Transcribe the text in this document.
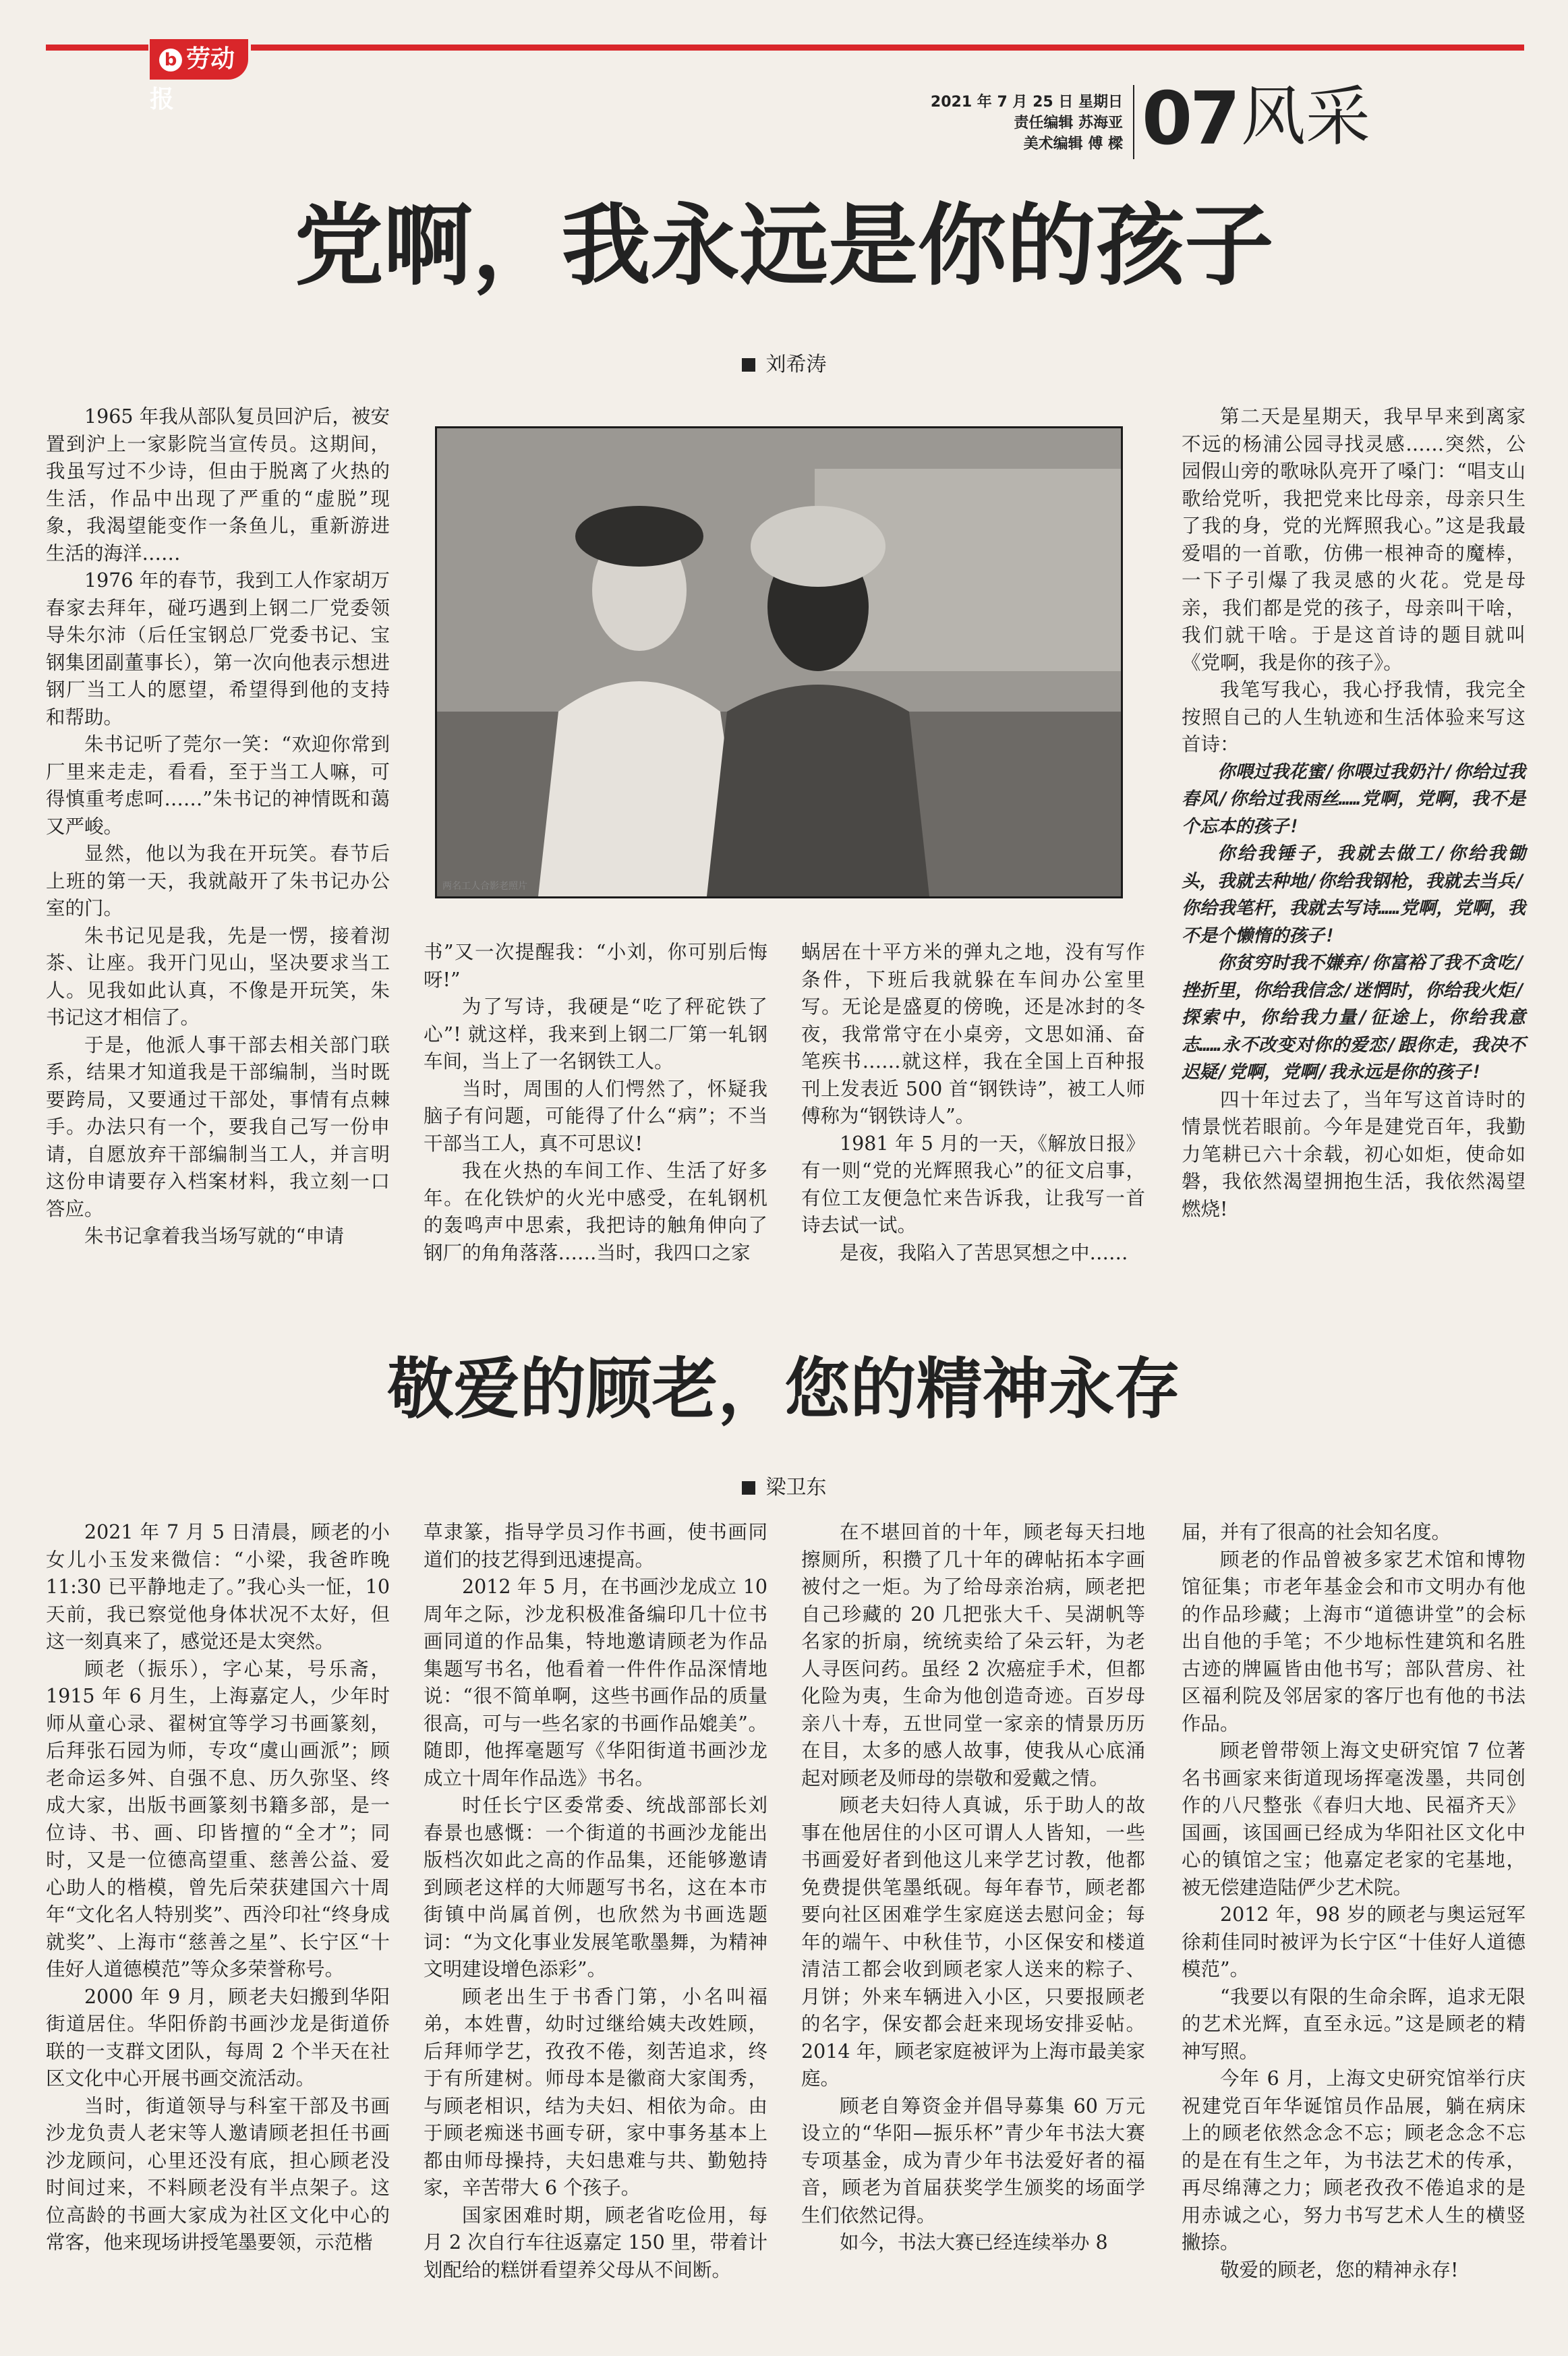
b 劳动报	2021 年 7 月 25 日 星期日
责任编辑 苏海亚
美术编辑 傅 樑 07 风采
党啊，我永远是你的孩子
刘希涛

1965 年我从部队复员回沪后，被安置到沪上一家影院当宣传员。这期间，我虽写过不少诗，但由于脱离了火热的生活，作品中出现了严重的“虚脱”现象，我渴望能变作一条鱼儿，重新游进生活的海洋……

1976 年的春节，我到工人作家胡万春家去拜年，碰巧遇到上钢二厂党委领导朱尔沛（后任宝钢总厂党委书记、宝钢集团副董事长），第一次向他表示想进钢厂当工人的愿望，希望得到他的支持和帮助。

朱书记听了莞尔一笑：“欢迎你常到厂里来走走，看看，至于当工人嘛，可得慎重考虑呵……”朱书记的神情既和蔼又严峻。

显然，他以为我在开玩笑。春节后上班的第一天，我就敲开了朱书记办公室的门。

朱书记见是我，先是一愣，接着沏茶、让座。我开门见山，坚决要求当工人。见我如此认真，不像是开玩笑，朱书记这才相信了。

于是，他派人事干部去相关部门联系，结果才知道我是干部编制，当时既要跨局，又要通过干部处，事情有点棘手。办法只有一个，要我自己写一份申请，自愿放弃干部编制当工人，并言明这份申请要存入档案材料，我立刻一口答应。

朱书记拿着我当场写就的“申请

两名工人合影老照片

书”又一次提醒我：“小刘，你可别后悔呀!”

为了写诗，我硬是“吃了秤砣铁了心”! 就这样，我来到上钢二厂第一轧钢车间，当上了一名钢铁工人。

当时，周围的人们愕然了，怀疑我脑子有问题，可能得了什么“病”；不当干部当工人，真不可思议!

我在火热的车间工作、生活了好多年。在化铁炉的火光中感受，在轧钢机的轰鸣声中思索，我把诗的触角伸向了钢厂的角角落落……当时，我四口之家

蜗居在十平方米的弹丸之地，没有写作条件，下班后我就躲在车间办公室里写。无论是盛夏的傍晚，还是冰封的冬夜，我常常守在小桌旁，文思如涌、奋笔疾书……就这样，我在全国上百种报刊上发表近 500 首“钢铁诗”，被工人师傅称为“钢铁诗人”。

1981 年 5 月的一天，《解放日报》有一则“党的光辉照我心”的征文启事，有位工友便急忙来告诉我，让我写一首诗去试一试。

是夜，我陷入了苦思冥想之中……

第二天是星期天，我早早来到离家不远的杨浦公园寻找灵感……突然，公园假山旁的歌咏队亮开了嗓门：“唱支山歌给党听，我把党来比母亲，母亲只生了我的身，党的光辉照我心。”这是我最爱唱的一首歌，仿佛一根神奇的魔棒，一下子引爆了我灵感的火花。党是母亲，我们都是党的孩子，母亲叫干啥，我们就干啥。于是这首诗的题目就叫《党啊，我是你的孩子》。

我笔写我心，我心抒我情，我完全按照自己的人生轨迹和生活体验来写这首诗：

你喂过我花蜜/你喂过我奶汁/你给过我春风/你给过我雨丝……党啊，党啊，我不是个忘本的孩子!

你给我锤子，我就去做工/你给我锄头，我就去种地/你给我钢枪，我就去当兵/你给我笔杆，我就去写诗……党啊，党啊，我不是个懒惰的孩子!

你贫穷时我不嫌弃/你富裕了我不贪吃/挫折里，你给我信念/迷惘时，你给我火炬/探索中，你给我力量/征途上，你给我意志……永不改变对你的爱恋/跟你走，我决不迟疑/党啊，党啊/我永远是你的孩子!

四十年过去了，当年写这首诗时的情景恍若眼前。今年是建党百年，我勤力笔耕已六十余载，初心如炬，使命如磐，我依然渴望拥抱生活，我依然渴望燃烧!

敬爱的顾老，您的精神永存
梁卫东

2021 年 7 月 5 日清晨，顾老的小女儿小玉发来微信：“小梁，我爸昨晚11:30 已平静地走了。”我心头一怔，10天前，我已察觉他身体状况不太好，但这一刻真来了，感觉还是太突然。

顾老（振乐），字心某，号乐斋，1915 年 6 月生，上海嘉定人，少年时师从童心录、翟树宜等学习书画篆刻，后拜张石园为师，专攻“虞山画派”；顾老命运多舛、自强不息、历久弥坚、终成大家，出版书画篆刻书籍多部，是一位诗、书、画、印皆擅的“全才”；同时，又是一位德高望重、慈善公益、爱心助人的楷模，曾先后荣获建国六十周年“文化名人特别奖”、西泠印社“终身成就奖”、上海市“慈善之星”、长宁区“十佳好人道德模范”等众多荣誉称号。

2000 年 9 月，顾老夫妇搬到华阳街道居住。华阳侨韵书画沙龙是街道侨联的一支群文团队，每周 2 个半天在社区文化中心开展书画交流活动。

当时，街道领导与科室干部及书画沙龙负责人老宋等人邀请顾老担任书画沙龙顾问，心里还没有底，担心顾老没时间过来，不料顾老没有半点架子。这位高龄的书画大家成为社区文化中心的常客，他来现场讲授笔墨要领，示范楷

草隶篆，指导学员习作书画，使书画同道们的技艺得到迅速提高。

2012 年 5 月，在书画沙龙成立 10 周年之际，沙龙积极准备编印几十位书画同道的作品集，特地邀请顾老为作品集题写书名，他看着一件件作品深情地说：“很不简单啊，这些书画作品的质量很高，可与一些名家的书画作品媲美”。随即，他挥毫题写《华阳街道书画沙龙成立十周年作品选》书名。

时任长宁区委常委、统战部部长刘春景也感慨：一个街道的书画沙龙能出版档次如此之高的作品集，还能够邀请到顾老这样的大师题写书名，这在本市街镇中尚属首例，也欣然为书画选题词：“为文化事业发展笔歌墨舞，为精神文明建设增色添彩”。

顾老出生于书香门第，小名叫福弟，本姓曹，幼时过继给姨夫改姓顾，后拜师学艺，孜孜不倦，刻苦追求，终于有所建树。师母本是徽商大家闺秀，与顾老相识，结为夫妇、相依为命。由于顾老痴迷书画专研，家中事务基本上都由师母操持，夫妇患难与共、勤勉持家，辛苦带大 6 个孩子。

国家困难时期，顾老省吃俭用，每月 2 次自行车往返嘉定 150 里，带着计划配给的糕饼看望养父母从不间断。

在不堪回首的十年，顾老每天扫地擦厕所，积攒了几十年的碑帖拓本字画被付之一炬。为了给母亲治病，顾老把自己珍藏的 20 几把张大千、吴湖帆等名家的折扇，统统卖给了朵云轩，为老人寻医问药。虽经 2 次癌症手术，但都化险为夷，生命为他创造奇迹。百岁母亲八十寿，五世同堂一家亲的情景历历在目，太多的感人故事，使我从心底涌起对顾老及师母的崇敬和爱戴之情。

顾老夫妇待人真诚，乐于助人的故事在他居住的小区可谓人人皆知，一些书画爱好者到他这儿来学艺讨教，他都免费提供笔墨纸砚。每年春节，顾老都要向社区困难学生家庭送去慰问金；每年的端午、中秋佳节，小区保安和楼道清洁工都会收到顾老家人送来的粽子、月饼；外来车辆进入小区，只要报顾老的名字，保安都会赶来现场安排妥帖。2014 年，顾老家庭被评为上海市最美家庭。

顾老自筹资金并倡导募集 60 万元设立的“华阳—振乐杯”青少年书法大赛专项基金，成为青少年书法爱好者的福音，顾老为首届获奖学生颁奖的场面学生们依然记得。

如今，书法大赛已经连续举办 8

届，并有了很高的社会知名度。

顾老的作品曾被多家艺术馆和博物馆征集；市老年基金会和市文明办有他的作品珍藏；上海市“道德讲堂”的会标出自他的手笔；不少地标性建筑和名胜古迹的牌匾皆由他书写；部队营房、社区福利院及邻居家的客厅也有他的书法作品。

顾老曾带领上海文史研究馆 7 位著名书画家来街道现场挥毫泼墨，共同创作的八尺整张《春归大地、民福齐天》国画，该国画已经成为华阳社区文化中心的镇馆之宝；他嘉定老家的宅基地，被无偿建造陆俨少艺术院。

2012 年，98 岁的顾老与奥运冠军徐莉佳同时被评为长宁区“十佳好人道德模范”。

“我要以有限的生命余晖，追求无限的艺术光辉，直至永远。”这是顾老的精神写照。

今年 6 月，上海文史研究馆举行庆祝建党百年华诞馆员作品展，躺在病床上的顾老依然念念不忘；顾老念念不忘的是在有生之年，为书法艺术的传承，再尽绵薄之力；顾老孜孜不倦追求的是用赤诚之心，努力书写艺术人生的横竖撇捺。

敬爱的顾老，您的精神永存!
